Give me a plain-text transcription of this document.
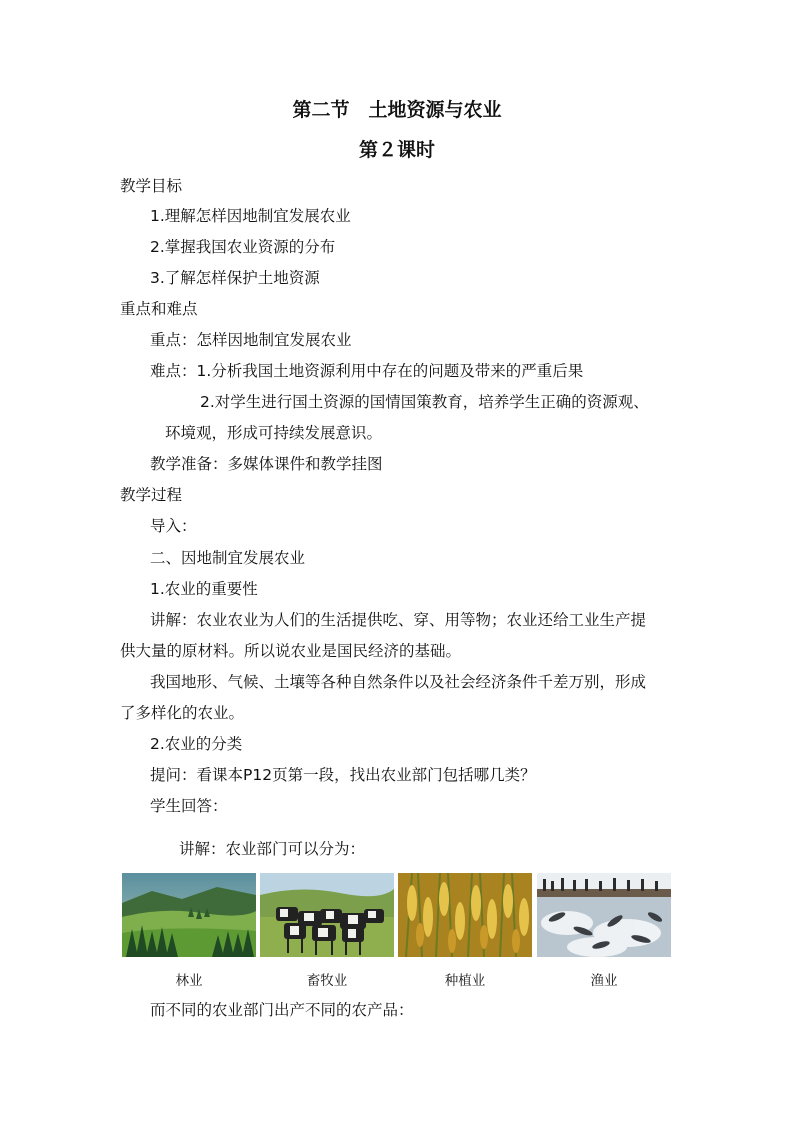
第二节　土地资源与农业
第２课时
教学目标
1.理解怎样因地制宜发展农业
2.掌握我国农业资源的分布
3.了解怎样保护土地资源
重点和难点
重点：怎样因地制宜发展农业
难点：1.分析我国土地资源利用中存在的问题及带来的严重后果
2.对学生进行国土资源的国情国策教育，培养学生正确的资源观、
环境观，形成可持续发展意识。
教学准备：多媒体课件和教学挂图
教学过程
导入：
二、因地制宜发展农业
1.农业的重要性
讲解：农业农业为人们的生活提供吃、穿、用等物；农业还给工业生产提
供大量的原材料。所以说农业是国民经济的基础。
我国地形、气候、土壤等各种自然条件以及社会经济条件千差万别，形成
了多样化的农业。
2.农业的分类
提问：看课本P12页第一段，找出农业部门包括哪几类？
学生回答：
讲解：农业部门可以分为：
林业	畜牧业	种植业	渔业
而不同的农业部门出产不同的农产品：
